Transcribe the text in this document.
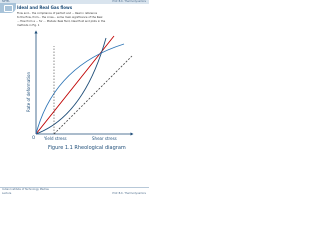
NPTEL	Prof. B.K. Thermodynamics
Ideal and Real Gas flows
Flow and... the compliance of perfect and ... Real in reference
to the flow, from... the cross... some main significance of the Real
... flow from a ... for ... Models: Real fluid, Ideal fluid and plots in the
methods in Fig. 1
Rate of deformation
O Yield stress	Shear stress
Figure 1.1 Rheological diagram
Indian Institute of Technology Madras
Lecture	Prof. B.K. Thermodynamics
